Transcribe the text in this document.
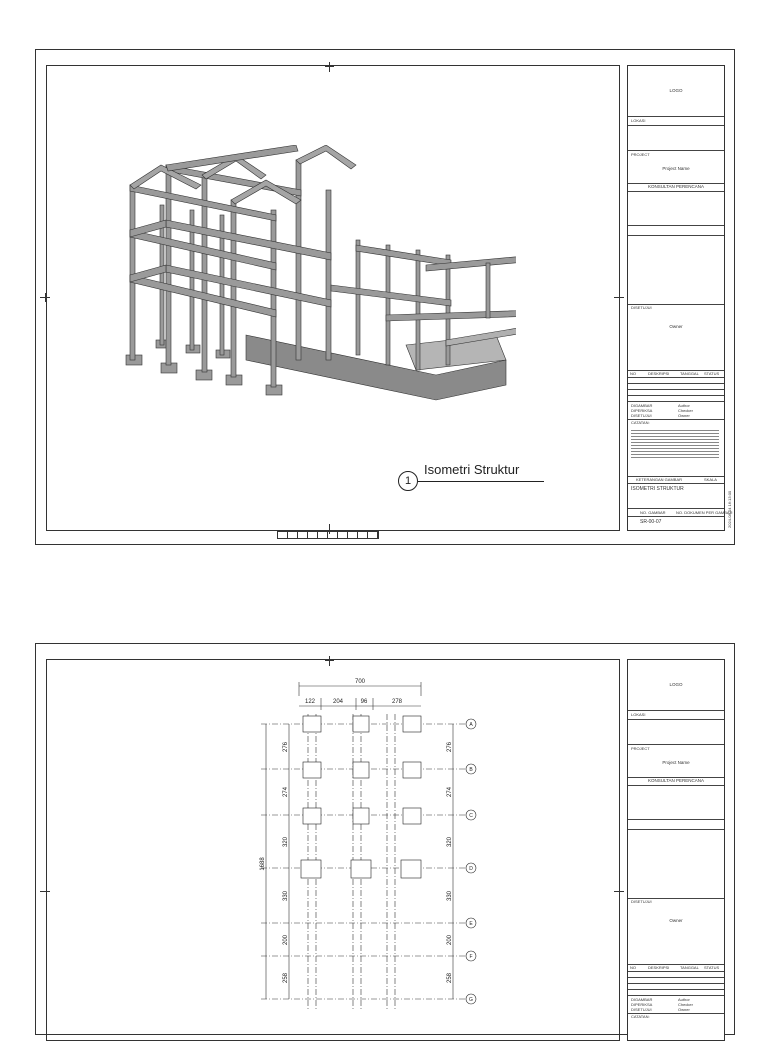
1
Isometri Struktur
LOGO
LOKASI
PROJECT
Project Name
KONSULTAN PERENCANA
DISETUJUI
Owner
NO	DESKRIPSI	TANGGAL STATUS
DIGAMBAR	Author
DIPERIKSA	Checker
DISETUJUI	Owner
CATATAN:
KETERANGAN GAMBAR	SKALA
ISOMETRI STRUKTUR
NO. GAMBAR	NO. DOKUMEN PER GAMBAR
SR-00-07	2024-08-04 16:13:00
700
122	204	96	278
A
B
C
D
E
F
G
1688
276
274
320
330
200
258
276
274
320
330
200
258
LOGO
LOKASI
PROJECT
Project Name
KONSULTAN PERENCANA
DISETUJUI
Owner
NO	DESKRIPSI	TANGGAL STATUS
DIGAMBAR	Author
DIPERIKSA	Checker
DISETUJUI	Owner
CATATAN:
